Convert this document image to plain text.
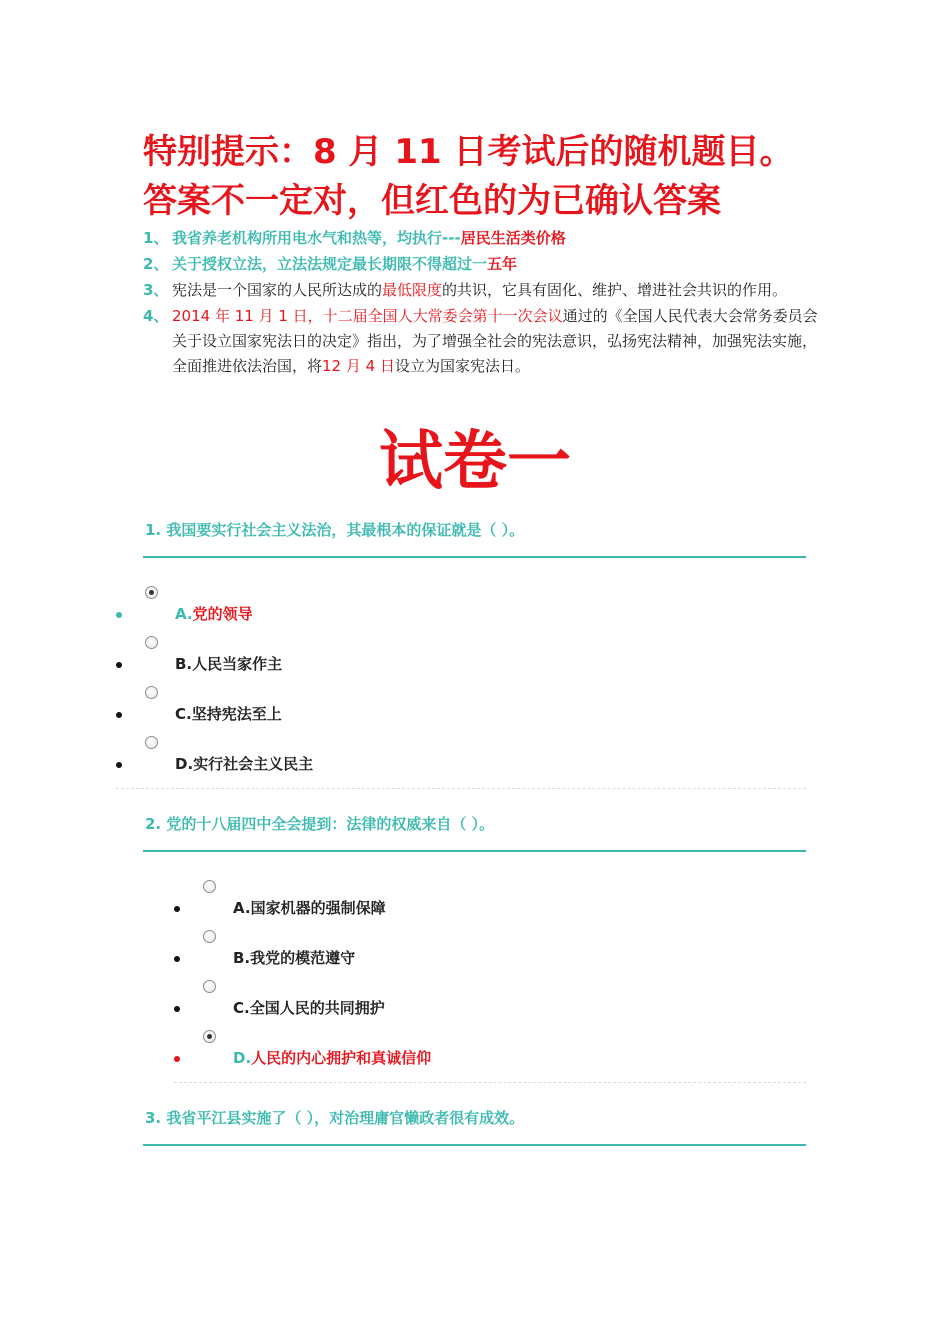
特别提示：8 月 11 日考试后的随机题目。答案不一定对，但红色的为已确认答案
1、 我省养老机构所用电水气和热等，均执行---居民生活类价格
2、 关于授权立法，立法法规定最长期限不得超过一五年
3、 宪法是一个国家的人民所达成的最低限度的共识，它具有固化、维护、增进社会共识的作用。
4、 2014 年 11 月 1 日，十二届全国人大常委会第十一次会议通过的《全国人民代表大会常务委员会关于设立国家宪法日的决定》指出，为了增强全社会的宪法意识，弘扬宪法精神，加强宪法实施，全面推进依法治国，将12 月 4 日设立为国家宪法日。
试卷一
1. 我国要实行社会主义法治，其最根本的保证就是（ ）。
A.党的领导
B.人民当家作主
C.坚持宪法至上
D.实行社会主义民主
2. 党的十八届四中全会提到：法律的权威来自（ ）。
A.国家机器的强制保障
B.我党的模范遵守
C.全国人民的共同拥护
D.人民的内心拥护和真诚信仰
3. 我省平江县实施了（ ），对治理庸官懒政者很有成效。
